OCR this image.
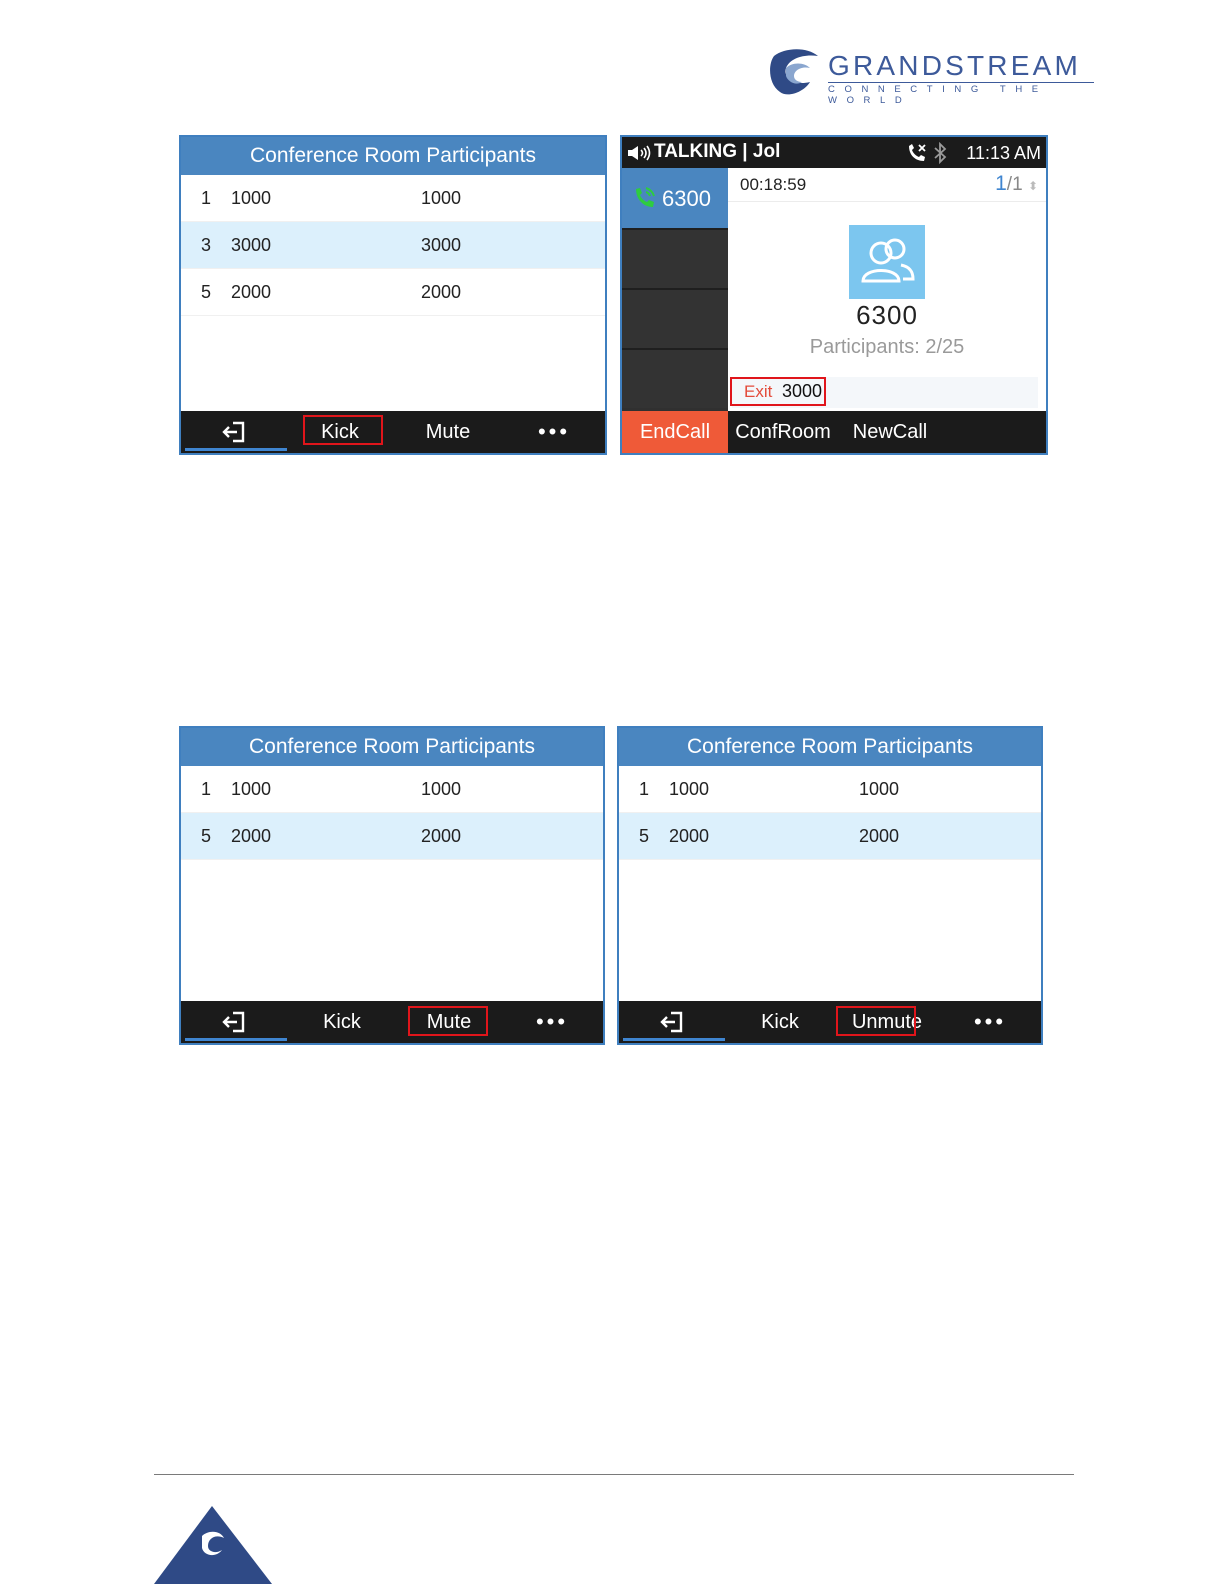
GRANDSTREAM
CONNECTING THE WORLD
Conference Room Participants
1 1000	1000
3 3000	3000
5 2000	2000
Kick	Mute	•••
TALKING | Jol	11:13 AM
6300
00:18:59	1/1 ⬍
6300
Participants: 2/25
Exit 3000
EndCall	ConfRoom	NewCall
Conference Room Participants
1 1000	1000
5 2000	2000
Kick	Mute	•••
Conference Room Participants
1 1000	1000
5 2000	2000
Kick	Unmute	•••
